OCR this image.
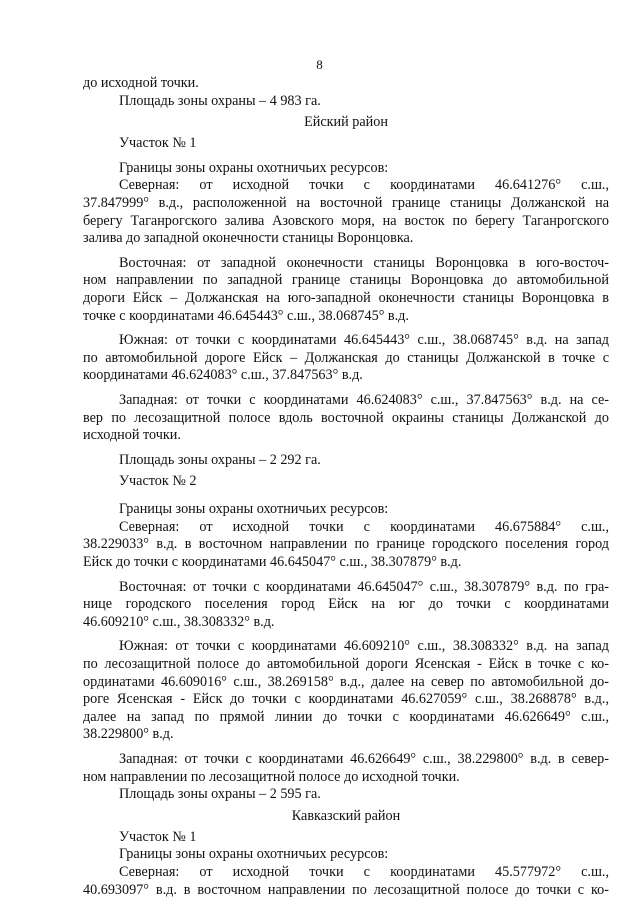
8
до исходной точки.
Площадь зоны охраны – 4 983 га.
Ейский район
Участок № 1
Границы зоны охраны охотничьих ресурсов:
Северная: от исходной точки с координатами 46.641276° с.ш.,
37.847999° в.д., расположенной на восточной границе станицы Должанской на
берегу Таганрогского залива Азовского моря, на восток по берегу Таганрогского
залива до западной оконечности станицы Воронцовка.
Восточная: от западной оконечности станицы Воронцовка в юго-восточ-
ном направлении по западной границе станицы Воронцовка до автомобильной
дороги Ейск – Должанская на юго-западной оконечности станицы Воронцовка в
точке с координатами 46.645443° с.ш., 38.068745° в.д.
Южная: от точки с координатами 46.645443° с.ш., 38.068745° в.д. на запад
по автомобильной дороге Ейск – Должанская до станицы Должанской в точке с
координатами 46.624083° с.ш., 37.847563° в.д.
Западная: от точки с координатами 46.624083° с.ш., 37.847563° в.д. на се-
вер по лесозащитной полосе вдоль восточной окраины станицы Должанской до
исходной точки.
Площадь зоны охраны – 2 292 га.
Участок № 2
Границы зоны охраны охотничьих ресурсов:
Северная: от исходной точки с координатами 46.675884° с.ш.,
38.229033° в.д. в восточном направлении по границе городского поселения город
Ейск до точки с координатами 46.645047° с.ш., 38.307879° в.д.
Восточная: от точки с координатами 46.645047° с.ш., 38.307879° в.д. по гра-
нице городского поселения город Ейск на юг до точки с координатами
46.609210° с.ш., 38.308332° в.д.
Южная: от точки с координатами 46.609210° с.ш., 38.308332° в.д. на запад
по лесозащитной полосе до автомобильной дороги Ясенская - Ейск в точке с ко-
ординатами 46.609016° с.ш., 38.269158° в.д., далее на север по автомобильной до-
роге Ясенская - Ейск до точки с координатами 46.627059° с.ш., 38.268878° в.д.,
далее на запад по прямой линии до точки с координатами 46.626649° с.ш.,
38.229800° в.д.
Западная: от точки с координатами 46.626649° с.ш., 38.229800° в.д. в север-
ном направлении по лесозащитной полосе до исходной точки.
Площадь зоны охраны – 2 595 га.
Кавказский район
Участок № 1
Границы зоны охраны охотничьих ресурсов:
Северная: от исходной точки с координатами 45.577972° с.ш.,
40.693097° в.д. в восточном направлении по лесозащитной полосе до точки с ко-
